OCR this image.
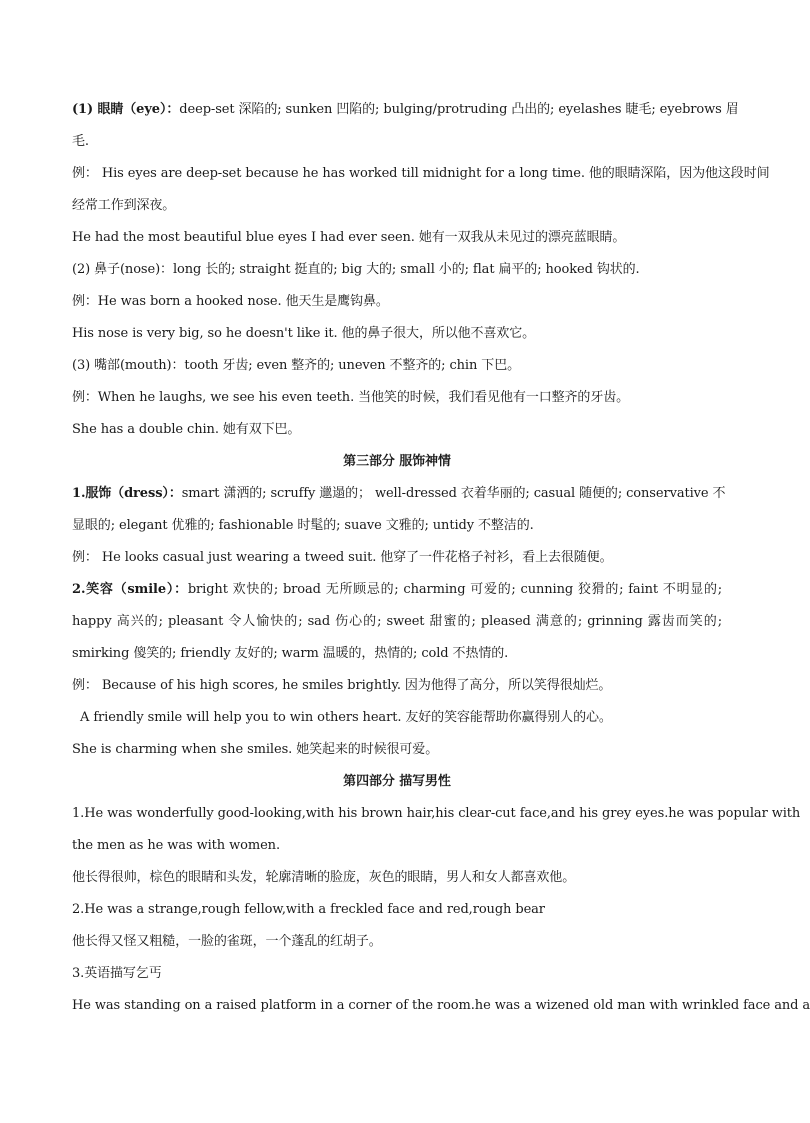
(1) 眼睛（eye）：deep-set 深陷的; sunken 凹陷的; bulging/protruding 凸出的; eyelashes 睫毛; eyebrows 眉
毛.
例： His eyes are deep-set because he has worked till midnight for a long time. 他的眼睛深陷，因为他这段时间
经常工作到深夜。
He had the most beautiful blue eyes I had ever seen. 她有一双我从未见过的漂亮蓝眼睛。
(2) 鼻子(nose)：long 长的; straight 挺直的; big 大的; small 小的; flat 扁平的; hooked 钩状的.
例：He was born a hooked nose. 他天生是鹰钩鼻。
His nose is very big, so he doesn't like it. 他的鼻子很大，所以他不喜欢它。
(3) 嘴部(mouth)：tooth 牙齿; even 整齐的; uneven 不整齐的; chin 下巴。
例：When he laughs, we see his even teeth. 当他笑的时候，我们看见他有一口整齐的牙齿。
She has a double chin. 她有双下巴。
第三部分 服饰神情
1.服饰（dress）：smart 潇洒的; scruffy 邋遢的； well-dressed 衣着华丽的; casual 随便的; conservative 不
显眼的; elegant 优雅的; fashionable 时髦的; suave 文雅的; untidy 不整洁的.
例： He looks casual just wearing a tweed suit. 他穿了一件花格子衬衫，看上去很随便。
2.笑容（smile）：bright 欢快的; broad 无所顾忌的; charming 可爱的; cunning 狡猾的; faint 不明显的;
happy 高兴的; pleasant 令人愉快的; sad 伤心的; sweet 甜蜜的; pleased 满意的; grinning 露齿而笑的;
smirking 傻笑的; friendly 友好的; warm 温暖的，热情的; cold 不热情的.
例： Because of his high scores, he smiles brightly. 因为他得了高分，所以笑得很灿烂。
A friendly smile will help you to win others heart. 友好的笑容能帮助你赢得别人的心。
She is charming when she smiles. 她笑起来的时候很可爱。
第四部分 描写男性
1.He was wonderfully good-looking,with his brown hair,his clear-cut face,and his grey eyes.he was popular with
the men as he was with women.
他长得很帅，棕色的眼睛和头发，轮廓清晰的脸庞，灰色的眼睛，男人和女人都喜欢他。
2.He was a strange,rough fellow,with a freckled face and red,rough bear
他长得又怪又粗糙，一脸的雀斑，一个蓬乱的红胡子。
3.英语描写乞丐
He was standing on a raised platform in a corner of the room.he was a wizened old man with wrinkled face and a
